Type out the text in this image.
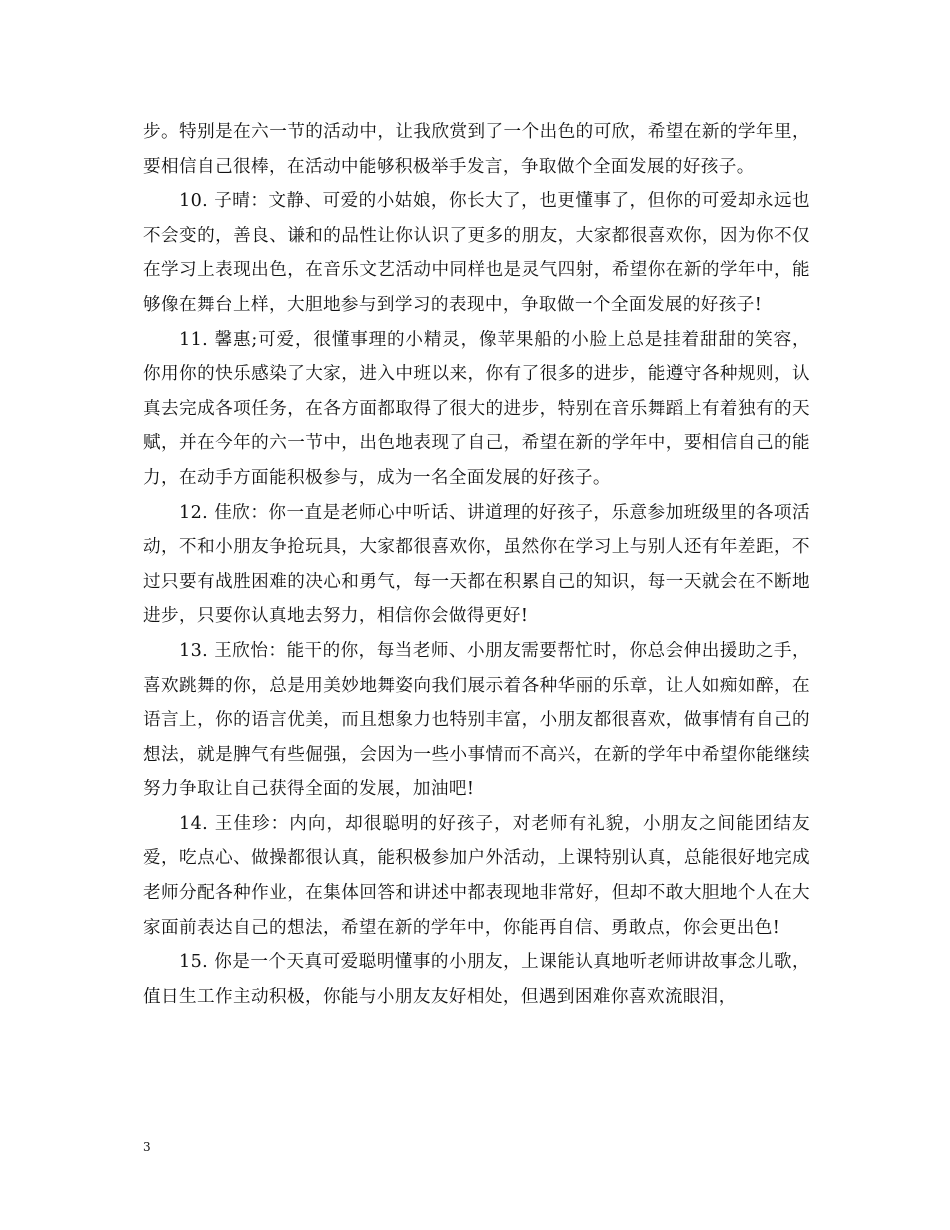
步。特别是在六一节的活动中，让我欣赏到了一个出色的可欣，希望在新的学年里，要相信自己很棒，在活动中能够积极举手发言，争取做个全面发展的好孩子。

10. 子晴：文静、可爱的小姑娘，你长大了，也更懂事了，但你的可爱却永远也不会变的，善良、谦和的品性让你认识了更多的朋友，大家都很喜欢你，因为你不仅在学习上表现出色，在音乐文艺活动中同样也是灵气四射，希望你在新的学年中，能够像在舞台上样，大胆地参与到学习的表现中，争取做一个全面发展的好孩子!

11. 馨惠;可爱，很懂事理的小精灵，像苹果船的小脸上总是挂着甜甜的笑容，你用你的快乐感染了大家，进入中班以来，你有了很多的进步，能遵守各种规则，认真去完成各项任务，在各方面都取得了很大的进步，特别在音乐舞蹈上有着独有的天赋，并在今年的六一节中，出色地表现了自己，希望在新的学年中，要相信自己的能力，在动手方面能积极参与，成为一名全面发展的好孩子。

12. 佳欣：你一直是老师心中听话、讲道理的好孩子，乐意参加班级里的各项活动，不和小朋友争抢玩具，大家都很喜欢你，虽然你在学习上与别人还有年差距，不过只要有战胜困难的决心和勇气，每一天都在积累自己的知识，每一天就会在不断地进步，只要你认真地去努力，相信你会做得更好!

13. 王欣怡：能干的你，每当老师、小朋友需要帮忙时，你总会伸出援助之手，喜欢跳舞的你，总是用美妙地舞姿向我们展示着各种华丽的乐章，让人如痴如醉，在语言上，你的语言优美，而且想象力也特别丰富，小朋友都很喜欢，做事情有自己的想法，就是脾气有些倔强，会因为一些小事情而不高兴，在新的学年中希望你能继续努力争取让自己获得全面的发展，加油吧!

14. 王佳珍：内向，却很聪明的好孩子，对老师有礼貌，小朋友之间能团结友爱，吃点心、做操都很认真，能积极参加户外活动，上课特别认真，总能很好地完成老师分配各种作业，在集体回答和讲述中都表现地非常好，但却不敢大胆地个人在大家面前表达自己的想法，希望在新的学年中，你能再自信、勇敢点，你会更出色!

15. 你是一个天真可爱聪明懂事的小朋友，上课能认真地听老师讲故事念儿歌，值日生工作主动积极，你能与小朋友友好相处，但遇到困难你喜欢流眼泪，

3
